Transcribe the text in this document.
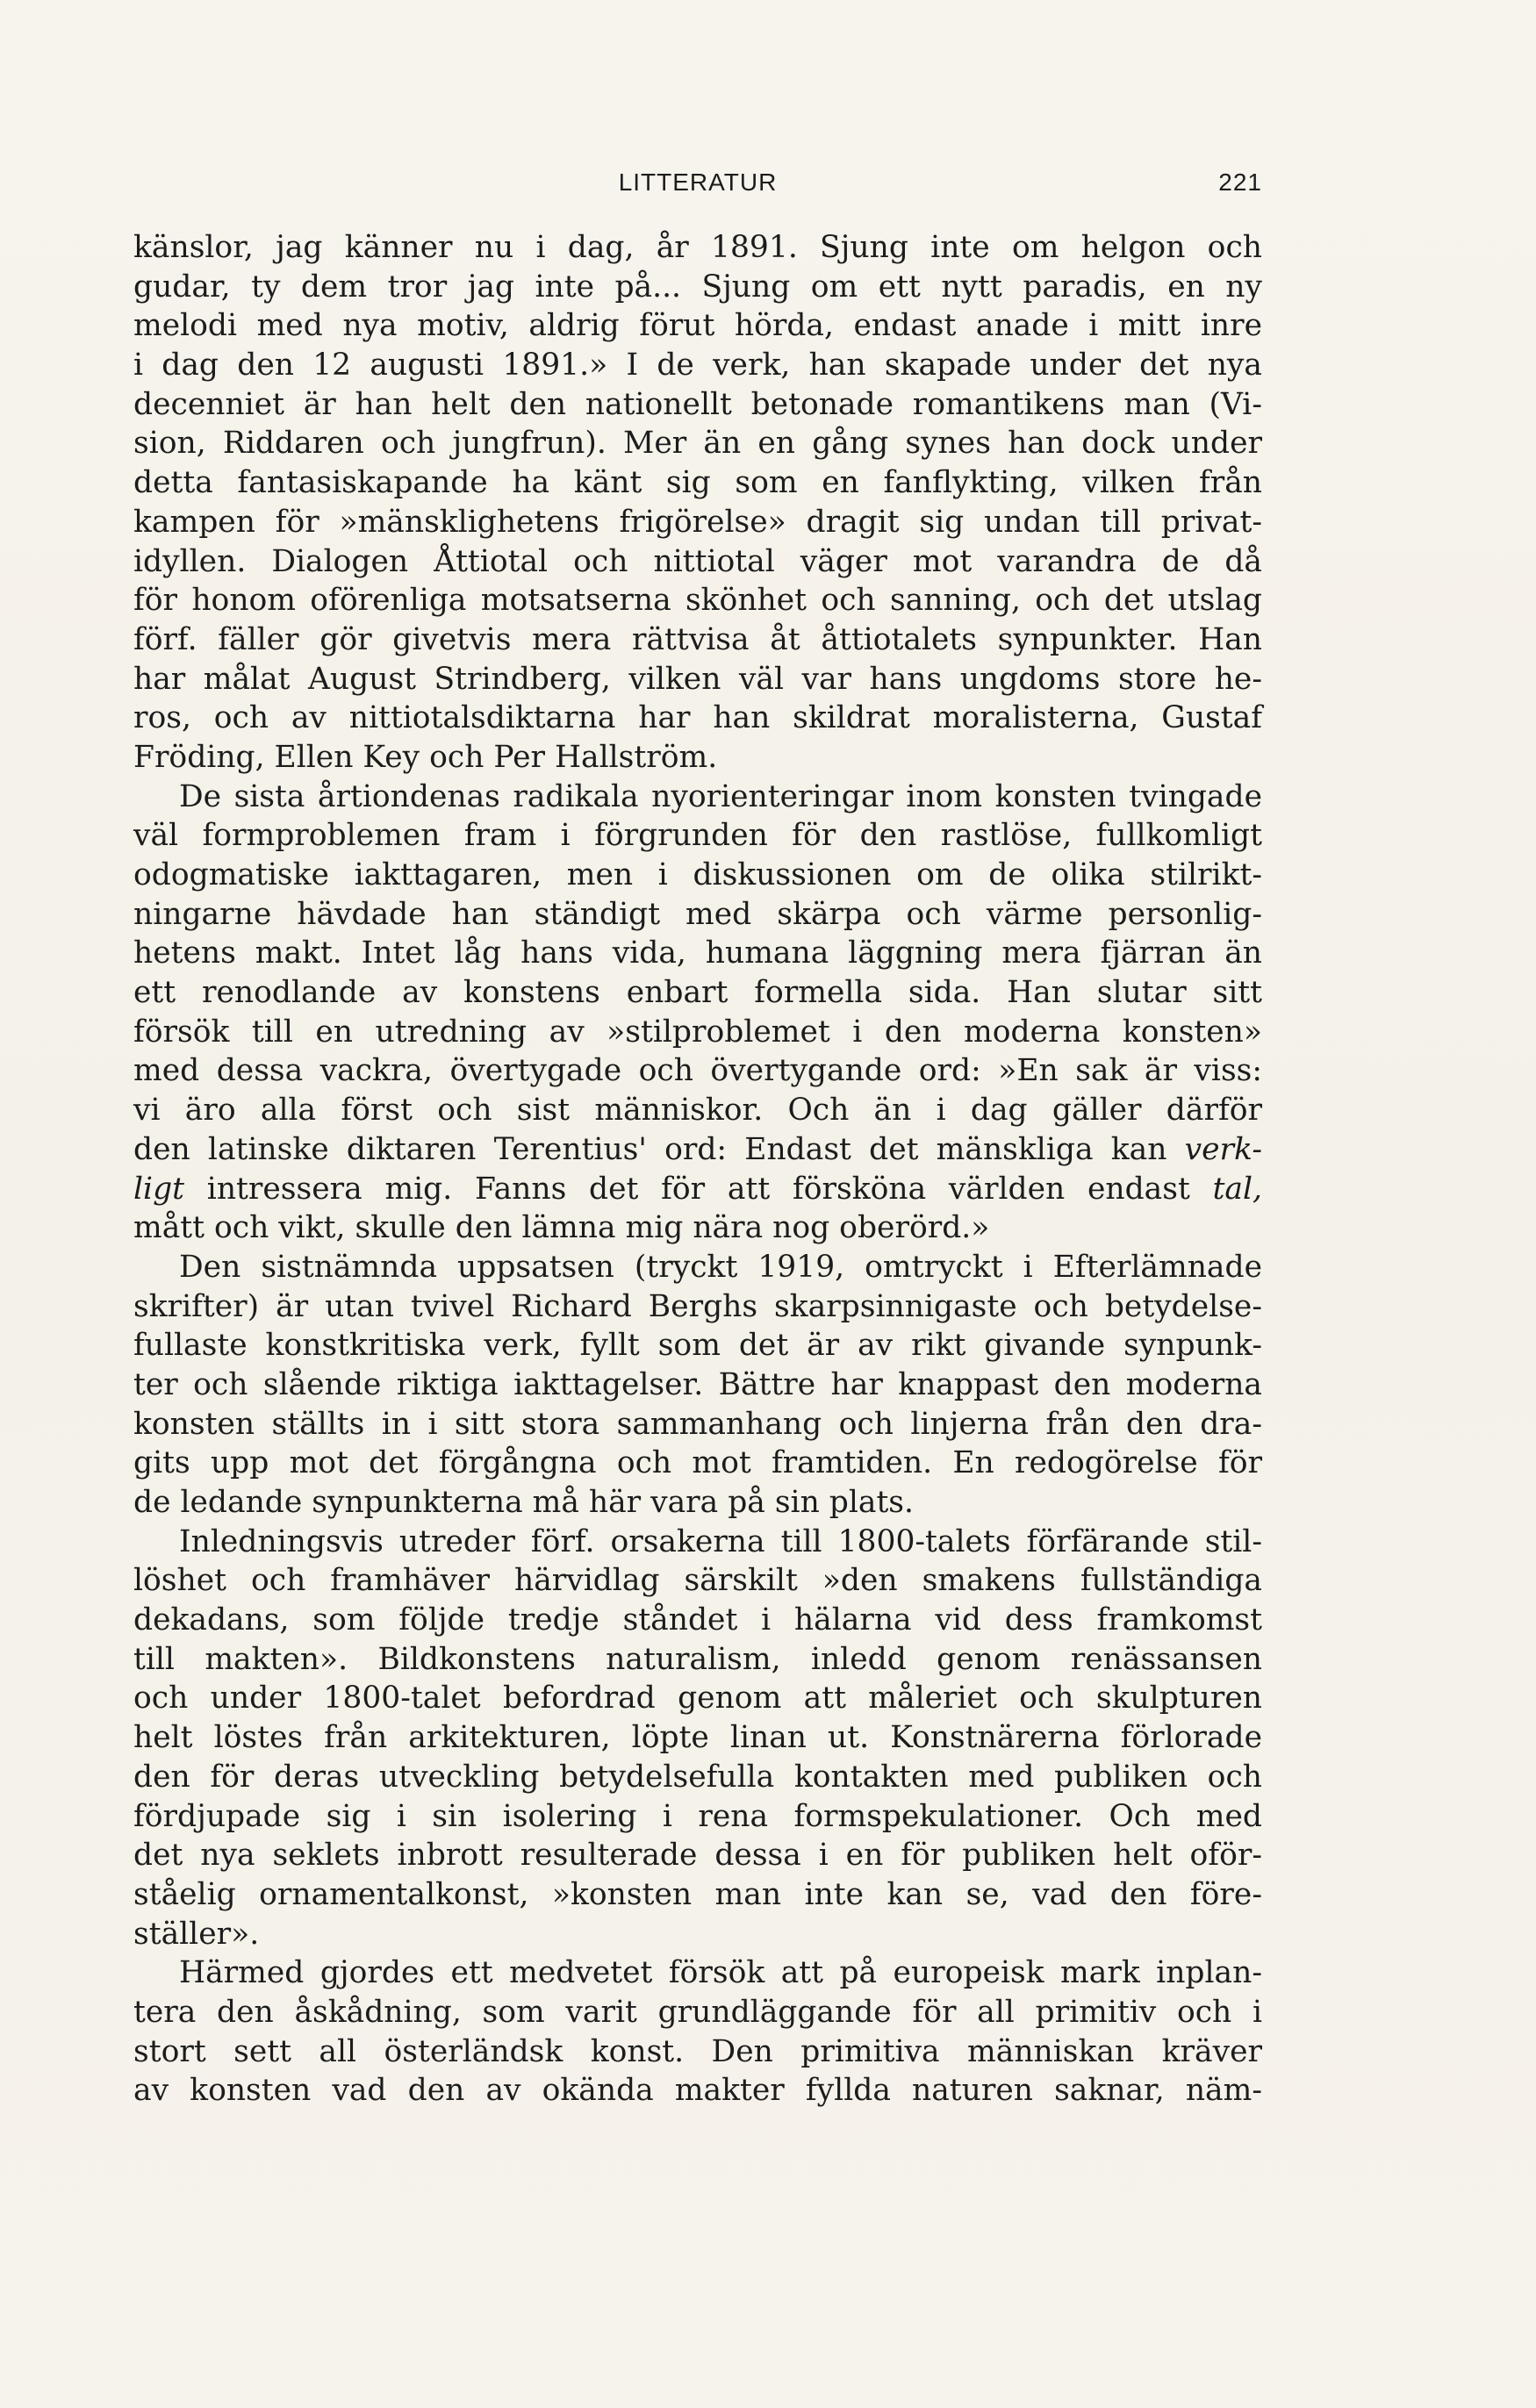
LITTERATUR	221
känslor, jag känner nu i dag, år 1891. Sjung inte om helgon och
gudar, ty dem tror jag inte på... Sjung om ett nytt paradis, en ny
melodi med nya motiv, aldrig förut hörda, endast anade i mitt inre
i dag den 12 augusti 1891.» I de verk, han skapade under det nya
decenniet är han helt den nationellt betonade romantikens man (Vi-
sion, Riddaren och jungfrun). Mer än en gång synes han dock under
detta fantasiskapande ha känt sig som en fanflykting, vilken från
kampen för »mänsklighetens frigörelse» dragit sig undan till privat-
idyllen. Dialogen Åttiotal och nittiotal väger mot varandra de då
för honom oförenliga motsatserna skönhet och sanning, och det utslag
förf. fäller gör givetvis mera rättvisa åt åttiotalets synpunkter. Han
har målat August Strindberg, vilken väl var hans ungdoms store he-
ros, och av nittiotalsdiktarna har han skildrat moralisterna, Gustaf
Fröding, Ellen Key och Per Hallström.
De sista årtiondenas radikala nyorienteringar inom konsten tvingade
väl formproblemen fram i förgrunden för den rastlöse, fullkomligt
odogmatiske iakttagaren, men i diskussionen om de olika stilrikt-
ningarne hävdade han ständigt med skärpa och värme personlig-
hetens makt. Intet låg hans vida, humana läggning mera fjärran än
ett renodlande av konstens enbart formella sida. Han slutar sitt
försök till en utredning av »stilproblemet i den moderna konsten»
med dessa vackra, övertygade och övertygande ord: »En sak är viss:
vi äro alla först och sist människor. Och än i dag gäller därför
den latinske diktaren Terentius' ord: Endast det mänskliga kan verk-
ligt intressera mig. Fanns det för att försköna världen endast tal,
mått och vikt, skulle den lämna mig nära nog oberörd.»
Den sistnämnda uppsatsen (tryckt 1919, omtryckt i Efterlämnade
skrifter) är utan tvivel Richard Berghs skarpsinnigaste och betydelse-
fullaste konstkritiska verk, fyllt som det är av rikt givande synpunk-
ter och slående riktiga iakttagelser. Bättre har knappast den moderna
konsten ställts in i sitt stora sammanhang och linjerna från den dra-
gits upp mot det förgångna och mot framtiden. En redogörelse för
de ledande synpunkterna må här vara på sin plats.
Inledningsvis utreder förf. orsakerna till 1800-talets förfärande stil-
löshet och framhäver härvidlag särskilt »den smakens fullständiga
dekadans, som följde tredje ståndet i hälarna vid dess framkomst
till makten». Bildkonstens naturalism, inledd genom renässansen
och under 1800-talet befordrad genom att måleriet och skulpturen
helt löstes från arkitekturen, löpte linan ut. Konstnärerna förlorade
den för deras utveckling betydelsefulla kontakten med publiken och
fördjupade sig i sin isolering i rena formspekulationer. Och med
det nya seklets inbrott resulterade dessa i en för publiken helt oför-
ståelig ornamentalkonst, »konsten man inte kan se, vad den före-
ställer».
Härmed gjordes ett medvetet försök att på europeisk mark inplan-
tera den åskådning, som varit grundläggande för all primitiv och i
stort sett all österländsk konst. Den primitiva människan kräver
av konsten vad den av okända makter fyllda naturen saknar, näm-
